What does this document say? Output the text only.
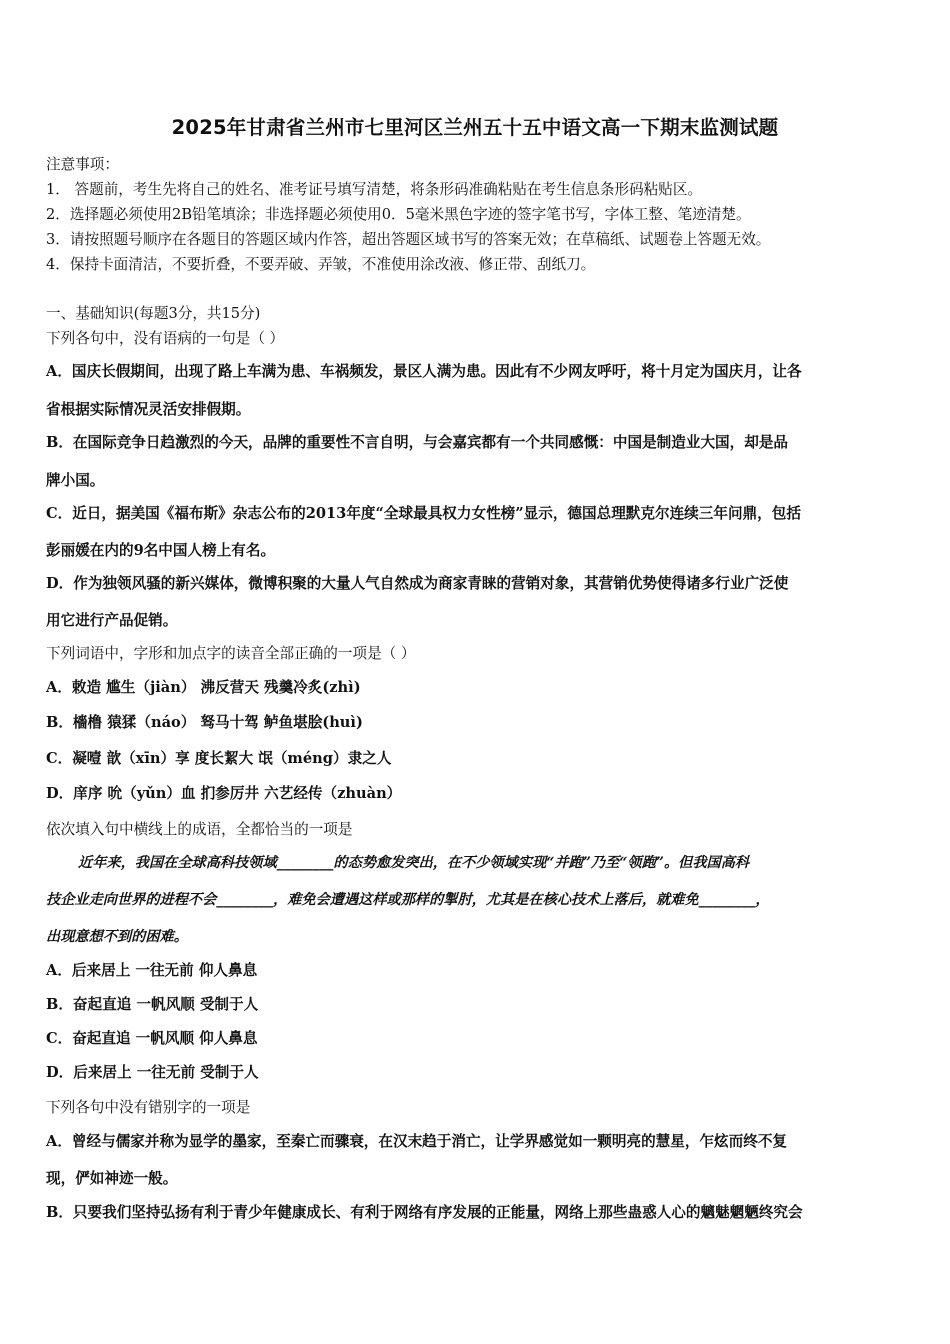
2025年甘肃省兰州市七里河区兰州五十五中语文高一下期末监测试题
注意事项：
1． 答题前，考生先将自己的姓名、准考证号填写清楚，将条形码准确粘贴在考生信息条形码粘贴区。
2．选择题必须使用2B铅笔填涂；非选择题必须使用0．5毫米黑色字迹的签字笔书写，字体工整、笔迹清楚。
3．请按照题号顺序在各题目的答题区域内作答，超出答题区域书写的答案无效；在草稿纸、试题卷上答题无效。
4．保持卡面清洁，不要折叠，不要弄破、弄皱，不准使用涂改液、修正带、刮纸刀。
一、基础知识(每题3分，共15分)
下列各句中，没有语病的一句是（ ）
A．国庆长假期间，出现了路上车满为患、车祸频发，景区人满为患。因此有不少网友呼吁，将十月定为国庆月，让各
省根据实际情况灵活安排假期。
B．在国际竞争日趋激烈的今天，品牌的重要性不言自明，与会嘉宾都有一个共同感慨：中国是制造业大国，却是品
牌小国。
C．近日，据美国《福布斯》杂志公布的2013年度“全球最具权力女性榜”显示，德国总理默克尔连续三年问鼎，包括
彭丽媛在内的9名中国人榜上有名。
D．作为独领风骚的新兴媒体，微博积聚的大量人气自然成为商家青睐的营销对象，其营销优势使得诸多行业广泛使
用它进行产品促销。
下列词语中，字形和加点字的读音全部正确的一项是（ ）
A．敕造 尴生（jiàn） 沸反营天 残羹冷炙(zhì)
B．檣橹 猿猱（náo） 驽马十驾 鲈鱼堪脍(huì)
C．凝噎 歆（xīn）享 度长絜大 氓（méng）隶之人
D．庠序 吮（yǔn）血 扪参厉井 六艺经传（zhuàn）
依次填入句中横线上的成语，全都恰当的一项是
近年来，我国在全球高科技领域________的态势愈发突出，在不少领域实现“并跑”乃至“领跑”。但我国高科
技企业走向世界的进程不会________，难免会遭遇这样或那样的掣肘，尤其是在核心技术上落后，就难免________，
出现意想不到的困难。
A．后来居上 一往无前 仰人鼻息
B．奋起直追 一帆风顺 受制于人
C．奋起直追 一帆风顺 仰人鼻息
D．后来居上 一往无前 受制于人
下列各句中没有错别字的一项是
A．曾经与儒家并称为显学的墨家，至秦亡而骤衰，在汉末趋于消亡，让学界感觉如一颗明亮的慧星，乍炫而终不复
现，俨如神迹一般。
B．只要我们坚持弘扬有利于青少年健康成长、有利于网络有序发展的正能量，网络上那些蛊惑人心的魑魅魍魉终究会
